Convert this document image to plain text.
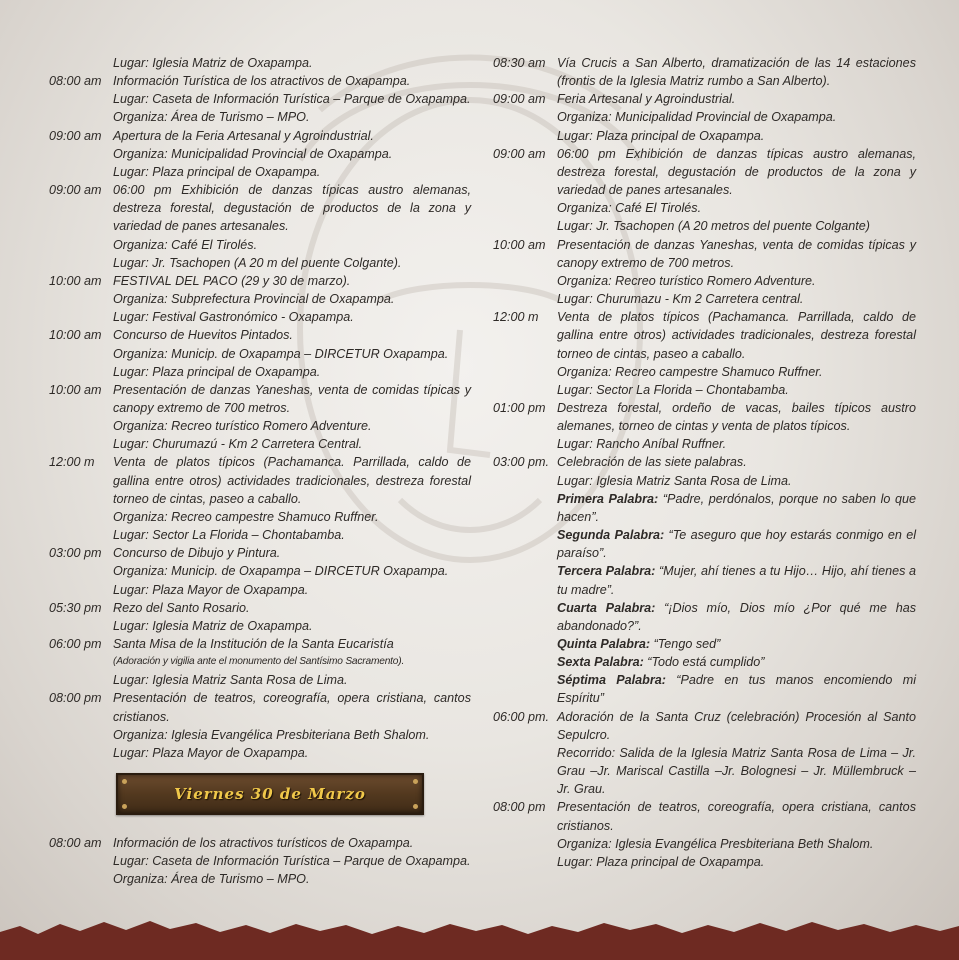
Lugar: Iglesia Matriz de Oxapampa.
08:00 am Información Turística de los atractivos de Oxapampa.
Lugar: Caseta de Información Turística – Parque de Oxapampa.
Organiza: Área de Turismo – MPO.
09:00 am Apertura de la Feria Artesanal y Agroindustrial.
Organiza: Municipalidad Provincial de Oxapampa.
Lugar: Plaza principal de Oxapampa.
09:00 am 06:00 pm Exhibición de danzas típicas austro alemanas, destreza forestal, degustación de productos de la zona y variedad de panes artesanales.
Organiza: Café El Tirolés.
Lugar: Jr. Tsachopen (A 20 m del puente Colgante).
10:00 am FESTIVAL DEL PACO (29 y 30 de marzo).
Organiza: Subprefectura Provincial de Oxapampa.
Lugar: Festival Gastronómico - Oxapampa.
10:00 am Concurso de Huevitos Pintados.
Organiza: Municip. de Oxapampa – DIRCETUR Oxapampa.
Lugar: Plaza principal de Oxapampa.
10:00 am Presentación de danzas Yaneshas, venta de comidas típicas y canopy extremo de 700 metros.
Organiza: Recreo turístico Romero Adventure.
Lugar: Churumazú - Km 2 Carretera Central.
12:00 m	Venta de platos típicos (Pachamanca. Parrillada, caldo de gallina entre otros) actividades tradicionales, destreza forestal torneo de cintas, paseo a caballo.
Organiza: Recreo campestre Shamuco Ruffner.
Lugar: Sector La Florida – Chontabamba.
03:00 pm Concurso de Dibujo y Pintura.
Organiza: Municip. de Oxapampa – DIRCETUR Oxapampa.
Lugar: Plaza Mayor de Oxapampa.
05:30 pm Rezo del Santo Rosario.
Lugar: Iglesia Matriz de Oxapampa.
06:00 pm Santa Misa de la Institución de la Santa Eucaristía
(Adoración y vigilia ante el monumento del Santísimo Sacramento).
Lugar: Iglesia Matriz Santa Rosa de Lima.
08:00 pm Presentación de teatros, coreografía, opera cristiana, cantos cristianos.
Organiza: Iglesia Evangélica Presbiteriana Beth Shalom.
Lugar: Plaza Mayor de Oxapampa.
Viernes 30 de Marzo
08:00 am Información de los atractivos turísticos de Oxapampa.
Lugar: Caseta de Información Turística – Parque de Oxapampa.
Organiza: Área de Turismo – MPO.
08:30 am Vía Crucis a San Alberto, dramatización de las 14 estaciones (frontis de la Iglesia Matriz rumbo a San Alberto).
09:00 am Feria Artesanal y Agroindustrial.
Organiza: Municipalidad Provincial de Oxapampa.
Lugar: Plaza principal de Oxapampa.
09:00 am 06:00 pm Exhibición de danzas típicas austro alemanas, destreza forestal, degustación de productos de la zona y variedad de panes artesanales.
Organiza: Café El Tirolés.
Lugar: Jr. Tsachopen (A 20 metros del puente Colgante)
10:00 am Presentación de danzas Yaneshas, venta de comidas típicas y canopy extremo de 700 metros.
Organiza: Recreo turístico Romero Adventure.
Lugar: Churumazu - Km 2 Carretera central.
12:00 m	Venta de platos típicos (Pachamanca. Parrillada, caldo de gallina entre otros) actividades tradicionales, destreza forestal torneo de cintas, paseo a caballo.
Organiza: Recreo campestre Shamuco Ruffner.
Lugar: Sector La Florida – Chontabamba.
01:00 pm Destreza forestal, ordeño de vacas, bailes típicos austro alemanes, torneo de cintas y venta de platos típicos.
Lugar: Rancho Aníbal Ruffner.
03:00 pm. Celebración de las siete palabras.
Lugar: Iglesia Matriz Santa Rosa de Lima.
Primera Palabra: “Padre, perdónalos, porque no saben lo que hacen”.
Segunda Palabra: “Te aseguro que hoy estarás conmigo en el paraíso”.
Tercera Palabra: “Mujer, ahí tienes a tu Hijo… Hijo, ahí tienes a tu madre”.
Cuarta Palabra: “¡Dios mío, Dios mío ¿Por qué me has abandonado?”.
Quinta Palabra: “Tengo sed”
Sexta Palabra: “Todo está cumplido”
Séptima Palabra: “Padre en tus manos encomiendo mi Espíritu”
06:00 pm. Adoración de la Santa Cruz (celebración) Procesión al Santo Sepulcro.
Recorrido: Salida de la Iglesia Matriz Santa Rosa de Lima – Jr. Grau –Jr. Mariscal Castilla –Jr. Bolognesi – Jr. Müllembruck – Jr. Grau.
08:00 pm Presentación de teatros, coreografía, opera cristiana, cantos cristianos.
Organiza: Iglesia Evangélica Presbiteriana Beth Shalom.
Lugar: Plaza principal de Oxapampa.
